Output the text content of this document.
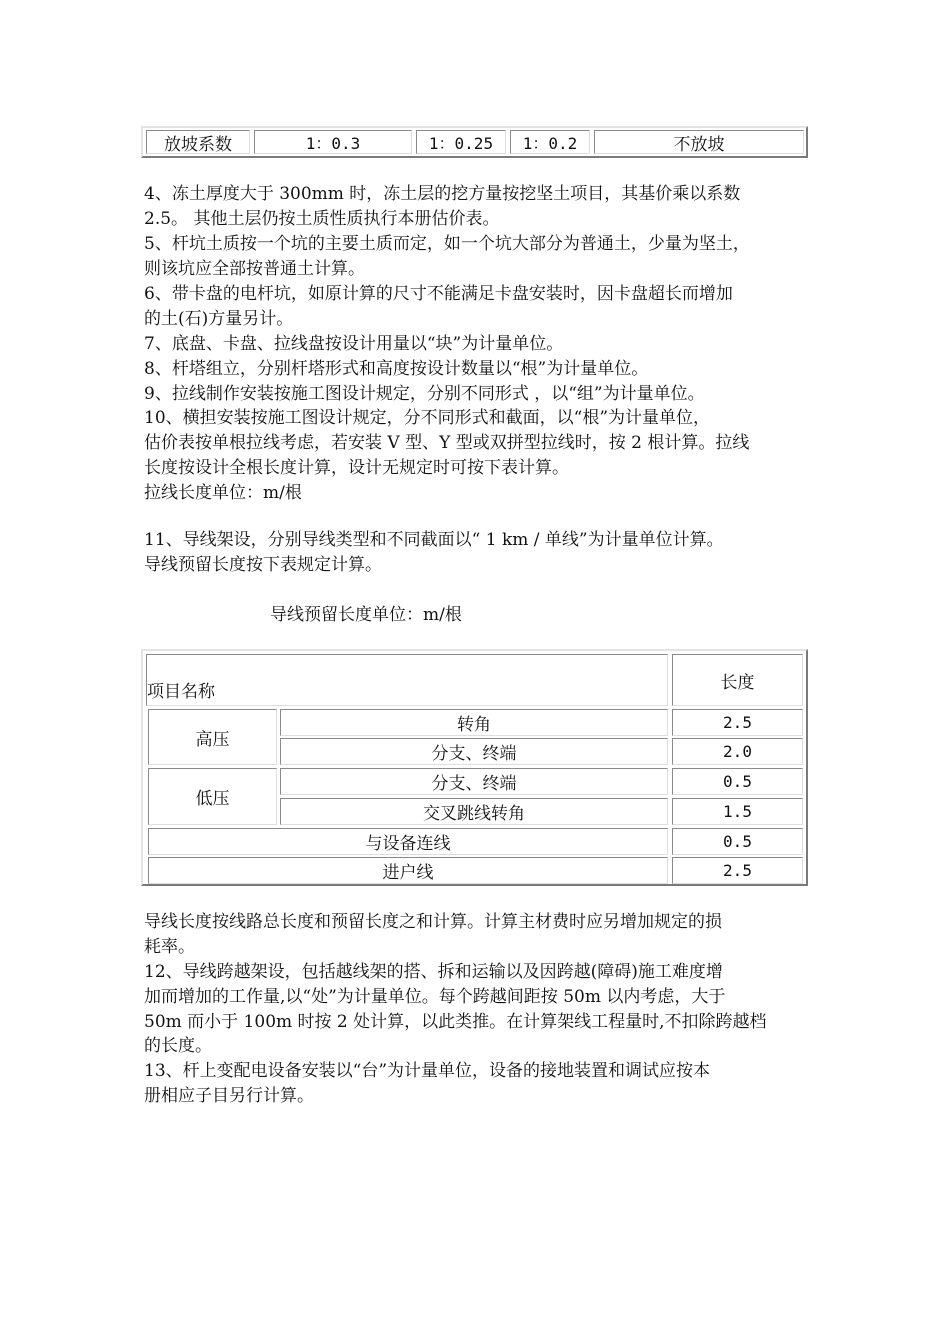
放坡系数	1：0.3	1：0.25	1：0.2	不放坡
4、冻土厚度大于 300mm 时，冻土层的挖方量按挖坚土项目，其基价乘以系数
2.5。 其他土层仍按土质性质执行本册估价表。
5、杆坑土质按一个坑的主要土质而定，如一个坑大部分为普通土，少量为坚土，
则该坑应全部按普通土计算。
6、带卡盘的电杆坑，如原计算的尺寸不能满足卡盘安装时，因卡盘超长而增加
的土(石)方量另计。
7、底盘、卡盘、拉线盘按设计用量以“块”为计量单位。
8、杆塔组立，分别杆塔形式和高度按设计数量以“根”为计量单位。
9、拉线制作安装按施工图设计规定，分别不同形式 ，以“组”为计量单位。
10、横担安装按施工图设计规定，分不同形式和截面，以“根”为计量单位，
估价表按单根拉线考虑，若安装 V 型、Y 型或双拼型拉线时，按 2 根计算。拉线
长度按设计全根长度计算，设计无规定时可按下表计算。
拉线长度单位：m/根
11、导线架设，分别导线类型和不同截面以“ 1 km / 单线”为计量单位计算。
导线预留长度按下表规定计算。
导线预留长度单位：m/根
项目名称	长度
高压
转角	2.5
分支、终端	2.0
低压
分支、终端	0.5
交叉跳线转角	1.5
与设备连线	0.5
进户线	2.5
导线长度按线路总长度和预留长度之和计算。计算主材费时应另增加规定的损
耗率。
12、导线跨越架设，包括越线架的搭、拆和运输以及因跨越(障碍)施工难度增
加而增加的工作量,以“处”为计量单位。每个跨越间距按 50m 以内考虑，大于
50m 而小于 100m 时按 2 处计算，以此类推。在计算架线工程量时,不扣除跨越档
的长度。
13、杆上变配电设备安装以“台”为计量单位，设备的接地装置和调试应按本
册相应子目另行计算。
